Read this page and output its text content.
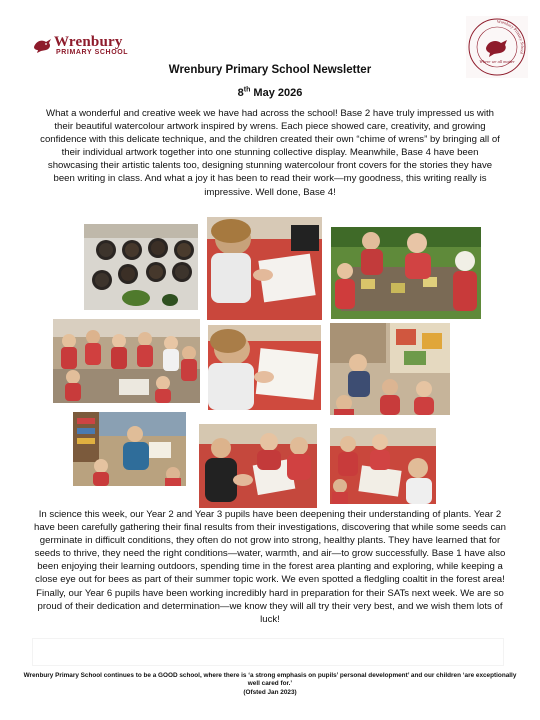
Wrenbury
PRIMARY SCHOOL
Wrenbury Primary School
Where we all matter
Wrenbury Primary School Newsletter
8th May 2026

What a wonderful and creative week we have had across the school! Base 2 have truly impressed us with their beautiful watercolour artwork inspired by wrens. Each piece showed care, creativity, and growing confidence with this delicate technique, and the children created their own “chime of wrens” by bringing all of their individual artwork together into one stunning collective display. Meanwhile, Base 4 have been showcasing their artistic talents too, designing stunning watercolour front covers for the stories they have been writing in class. And what a joy it has been to read their work—my goodness, this writing really is impressive. Well done, Base 4!

In science this week, our Year 2 and Year 3 pupils have been deepening their understanding of plants. Year 2 have been carefully gathering their final results from their investigations, discovering that while some seeds can germinate in difficult conditions, they often do not grow into strong, healthy plants. They have learned that for seeds to thrive, they need the right conditions—water, warmth, and air—to grow successfully. Base 1 have also been enjoying their learning outdoors, spending time in the forest area planting and exploring, while keeping a close eye out for bees as part of their summer topic work. We even spotted a fledgling coaltit in the forest area! Finally, our Year 6 pupils have been working incredibly hard in preparation for their SATs next week. We are so proud of their dedication and determination—we know they will all try their very best, and we wish them lots of luck!

Wrenbury Primary School continues to be a GOOD school, where there is ‘a strong emphasis on pupils’ personal development’ and our children ‘are exceptionally well cared for.’
(Ofsted Jan 2023)
